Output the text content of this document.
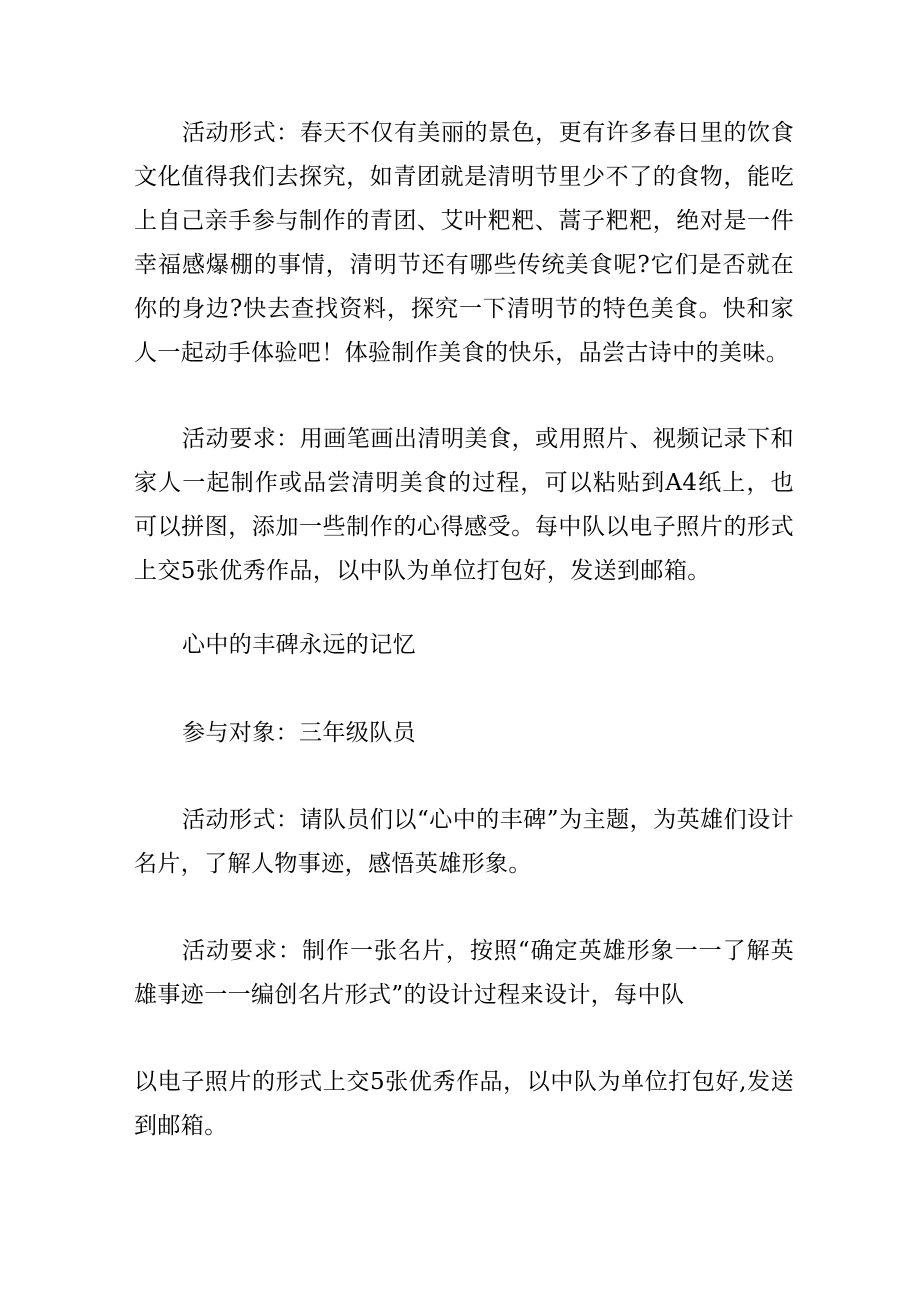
活动形式：春天不仅有美丽的景色，更有许多春日里的饮食文化值得我们去探究，如青团就是清明节里少不了的食物，能吃上自己亲手参与制作的青团、艾叶粑粑、蒿子粑粑，绝对是一件幸福感爆棚的事情，清明节还有哪些传统美食呢?它们是否就在你的身边?快去查找资料，探究一下清明节的特色美食。快和家人一起动手体验吧！体验制作美食的快乐，品尝古诗中的美味。

活动要求：用画笔画出清明美食，或用照片、视频记录下和家人一起制作或品尝清明美食的过程，可以粘贴到A4纸上，也可以拼图，添加一些制作的心得感受。每中队以电子照片的形式上交5张优秀作品，以中队为单位打包好，发送到邮箱。

心中的丰碑永远的记忆

参与对象：三年级队员

活动形式：请队员们以“心中的丰碑”为主题，为英雄们设计名片，了解人物事迹，感悟英雄形象。

活动要求：制作一张名片，按照“确定英雄形象一一了解英雄事迹一一编创名片形式”的设计过程来设计，每中队

以电子照片的形式上交5张优秀作品，以中队为单位打包好,发送到邮箱。
